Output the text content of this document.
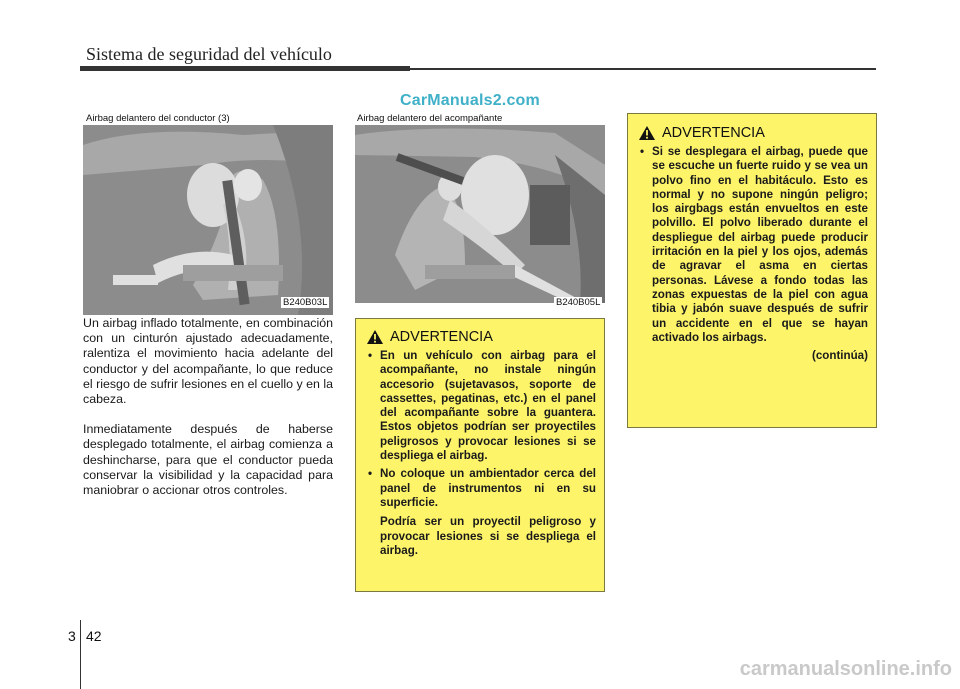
Sistema de seguridad del vehículo
CarManuals2.com
Airbag delantero del conductor (3)
B240B03L
Airbag delantero del acompañante
B240B05L

Un airbag inflado totalmente, en combinación con un cinturón ajustado adecuadamente, ralentiza el movimiento hacia adelante del conductor y del acompañante, lo que reduce el riesgo de sufrir lesiones en el cuello y en la cabeza.

Inmediatamente después de haberse desplegado totalmente, el airbag comienza a deshincharse, para que el conductor pueda conservar la visibilidad y la capacidad para maniobrar o accionar otros controles.

ADVERTENCIA
• En un vehículo con airbag para el acompañante, no instale ningún accesorio (sujetavasos, soporte de cassettes, pegatinas, etc.) en el panel del acompañante sobre la guantera. Estos objetos podrían ser proyectiles peligrosos y provocar lesiones si se despliega el airbag.
• No coloque un ambientador cerca del panel de instrumentos ni en su superficie.
Podría ser un proyectil peligroso y provocar lesiones si se despliega el airbag.
ADVERTENCIA
• Si se desplegara el airbag, puede que se escuche un fuerte ruido y se vea un polvo fino en el habitáculo. Esto es normal y no supone ningún peligro; los airgbags están envueltos en este polvillo. El polvo liberado durante el despliegue del airbag puede producir irritación en la piel y los ojos, además de agravar el asma en ciertas personas. Lávese a fondo todas las zonas expuestas de la piel con agua tibia y jabón suave después de sufrir un accidente en el que se hayan activado los airbags.
(continúa)
3 42
carmanualsonline.info
